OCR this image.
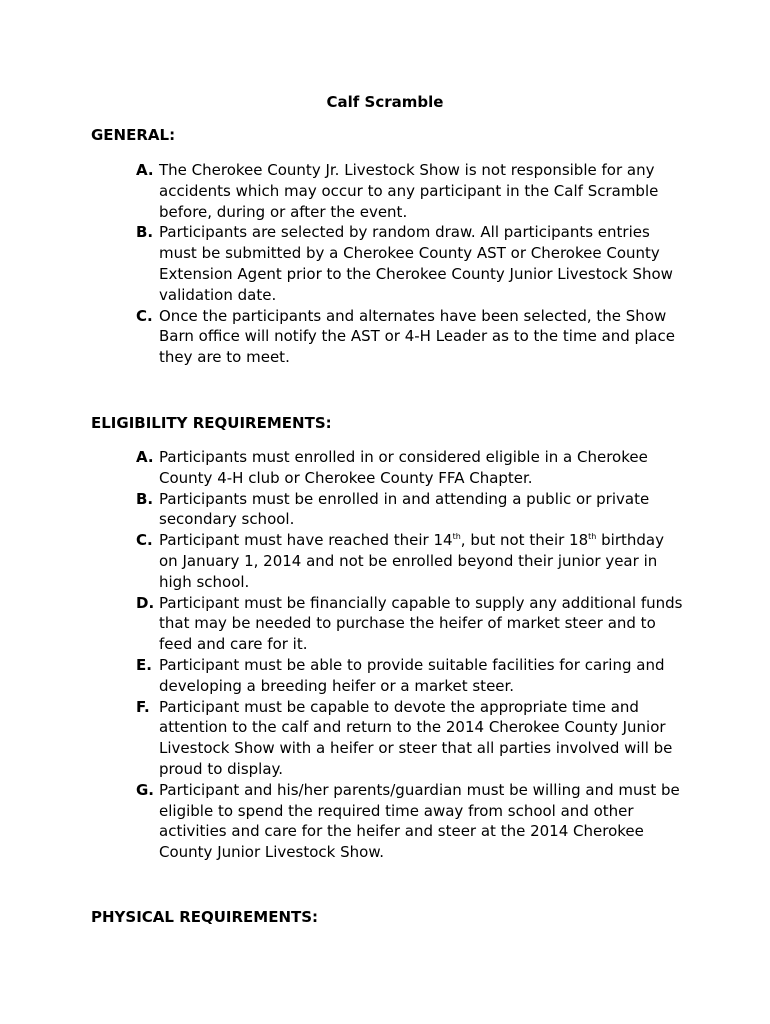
Calf Scramble
GENERAL:
A. The Cherokee County Jr. Livestock Show is not responsible for any accidents which may occur to any participant in the Calf Scramble before, during or after the event.
B. Participants are selected by random draw. All participants entries must be submitted by a Cherokee County AST or Cherokee County Extension Agent prior to the Cherokee County Junior Livestock Show validation date.
C. Once the participants and alternates have been selected, the Show Barn office will notify the AST or 4-H Leader as to the time and place they are to meet.
ELIGIBILITY REQUIREMENTS:
A. Participants must enrolled in or considered eligible in a Cherokee County 4-H club or Cherokee County FFA Chapter.
B. Participants must be enrolled in and attending a public or private secondary school.
C. Participant must have reached their 14th, but not their 18th birthday on January 1, 2014 and not be enrolled beyond their junior year in high school.
D. Participant must be financially capable to supply any additional funds that may be needed to purchase the heifer of market steer and to feed and care for it.
E. Participant must be able to provide suitable facilities for caring and developing a breeding heifer or a market steer.
F. Participant must be capable to devote the appropriate time and attention to the calf and return to the 2014 Cherokee County Junior Livestock Show with a heifer or steer that all parties involved will be proud to display.
G. Participant and his/her parents/guardian must be willing and must be eligible to spend the required time away from school and other activities and care for the heifer and steer at the 2014 Cherokee County Junior Livestock Show.
PHYSICAL REQUIREMENTS:
